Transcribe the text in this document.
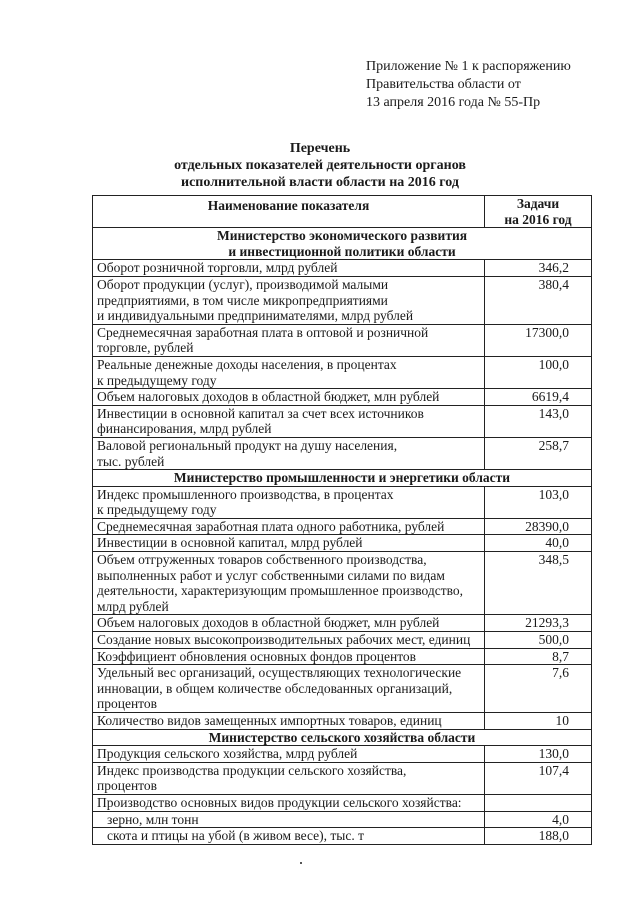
Приложение № 1 к распоряжению
Правительства области от
13 апреля 2016 года № 55-Пр
Перечень
отдельных показателей деятельности органов
исполнительной власти области на 2016 год
Наименование показателя	Задачи
на 2016 год

Министерство экономического развития
и инвестиционной политики области	

Оборот розничной торговли, млрд рублей	346,2

Оборот продукции (услуг), производимой малыми
предприятиями, в том числе микропредприятиями
и индивидуальными предпринимателями, млрд рублей	380,4

Среднемесячная заработная плата в оптовой и розничной
торговле, рублей	17300,0

Реальные денежные доходы населения, в процентах
к предыдущему году	100,0

Объем налоговых доходов в областной бюджет, млн рублей	6619,4

Инвестиции в основной капитал за счет всех источников
финансирования, млрд рублей	143,0

Валовой региональный продукт на душу населения,
тыс. рублей	258,7

Министерство промышленности и энергетики области	

Индекс промышленного производства, в процентах
к предыдущему году	103,0

Среднемесячная заработная плата одного работника, рублей	28390,0

Инвестиции в основной капитал, млрд рублей	40,0

Объем отгруженных товаров собственного производства,
выполненных работ и услуг собственными силами по видам
деятельности, характеризующим промышленное производство,
млрд рублей	348,5

Объем налоговых доходов в областной бюджет, млн рублей	21293,3

Создание новых высокопроизводительных рабочих мест, единиц	500,0

Коэффициент обновления основных фондов процентов	8,7

Удельный вес организаций, осуществляющих технологические
инновации, в общем количестве обследованных организаций,
процентов	7,6

Количество видов замещенных импортных товаров, единиц	10

Министерство сельского хозяйства области	

Продукция сельского хозяйства, млрд рублей	130,0

Индекс производства продукции сельского хозяйства,
процентов	107,4

Производство основных видов продукции сельского хозяйства:	

зерно, млн тонн	4,0

скота и птицы на убой (в живом весе), тыс. т	188,0
